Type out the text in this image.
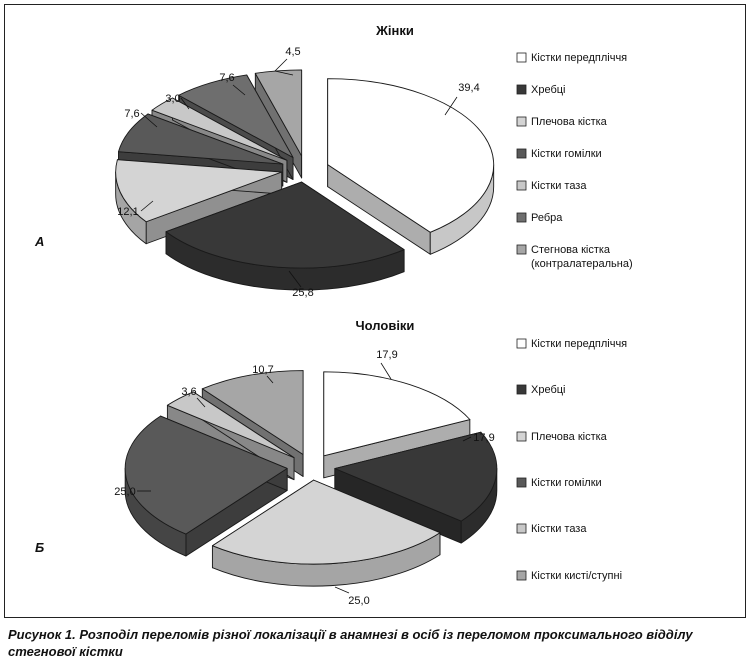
Жінки
А
39,4
25,8
12,1
7,6
3,0
7,6
4,5	Кістки передпліччя
Хребці
Плечова кістка
Кістки гомілки
Кістки таза
Ребра
Стегнова кістка
(контралатеральна)
Чоловіки
Б
17,9
17,9
25,0
25,0
3,6
10,7
Кістки передпліччя
Хребці
Плечова кістка
Кістки гомілки
Кістки таза
Кістки кисті/ступні

Рисунок 1. Розподіл переломів різної локалізації в анамнезі в осіб із переломом проксимального відділу стегнової кістки
